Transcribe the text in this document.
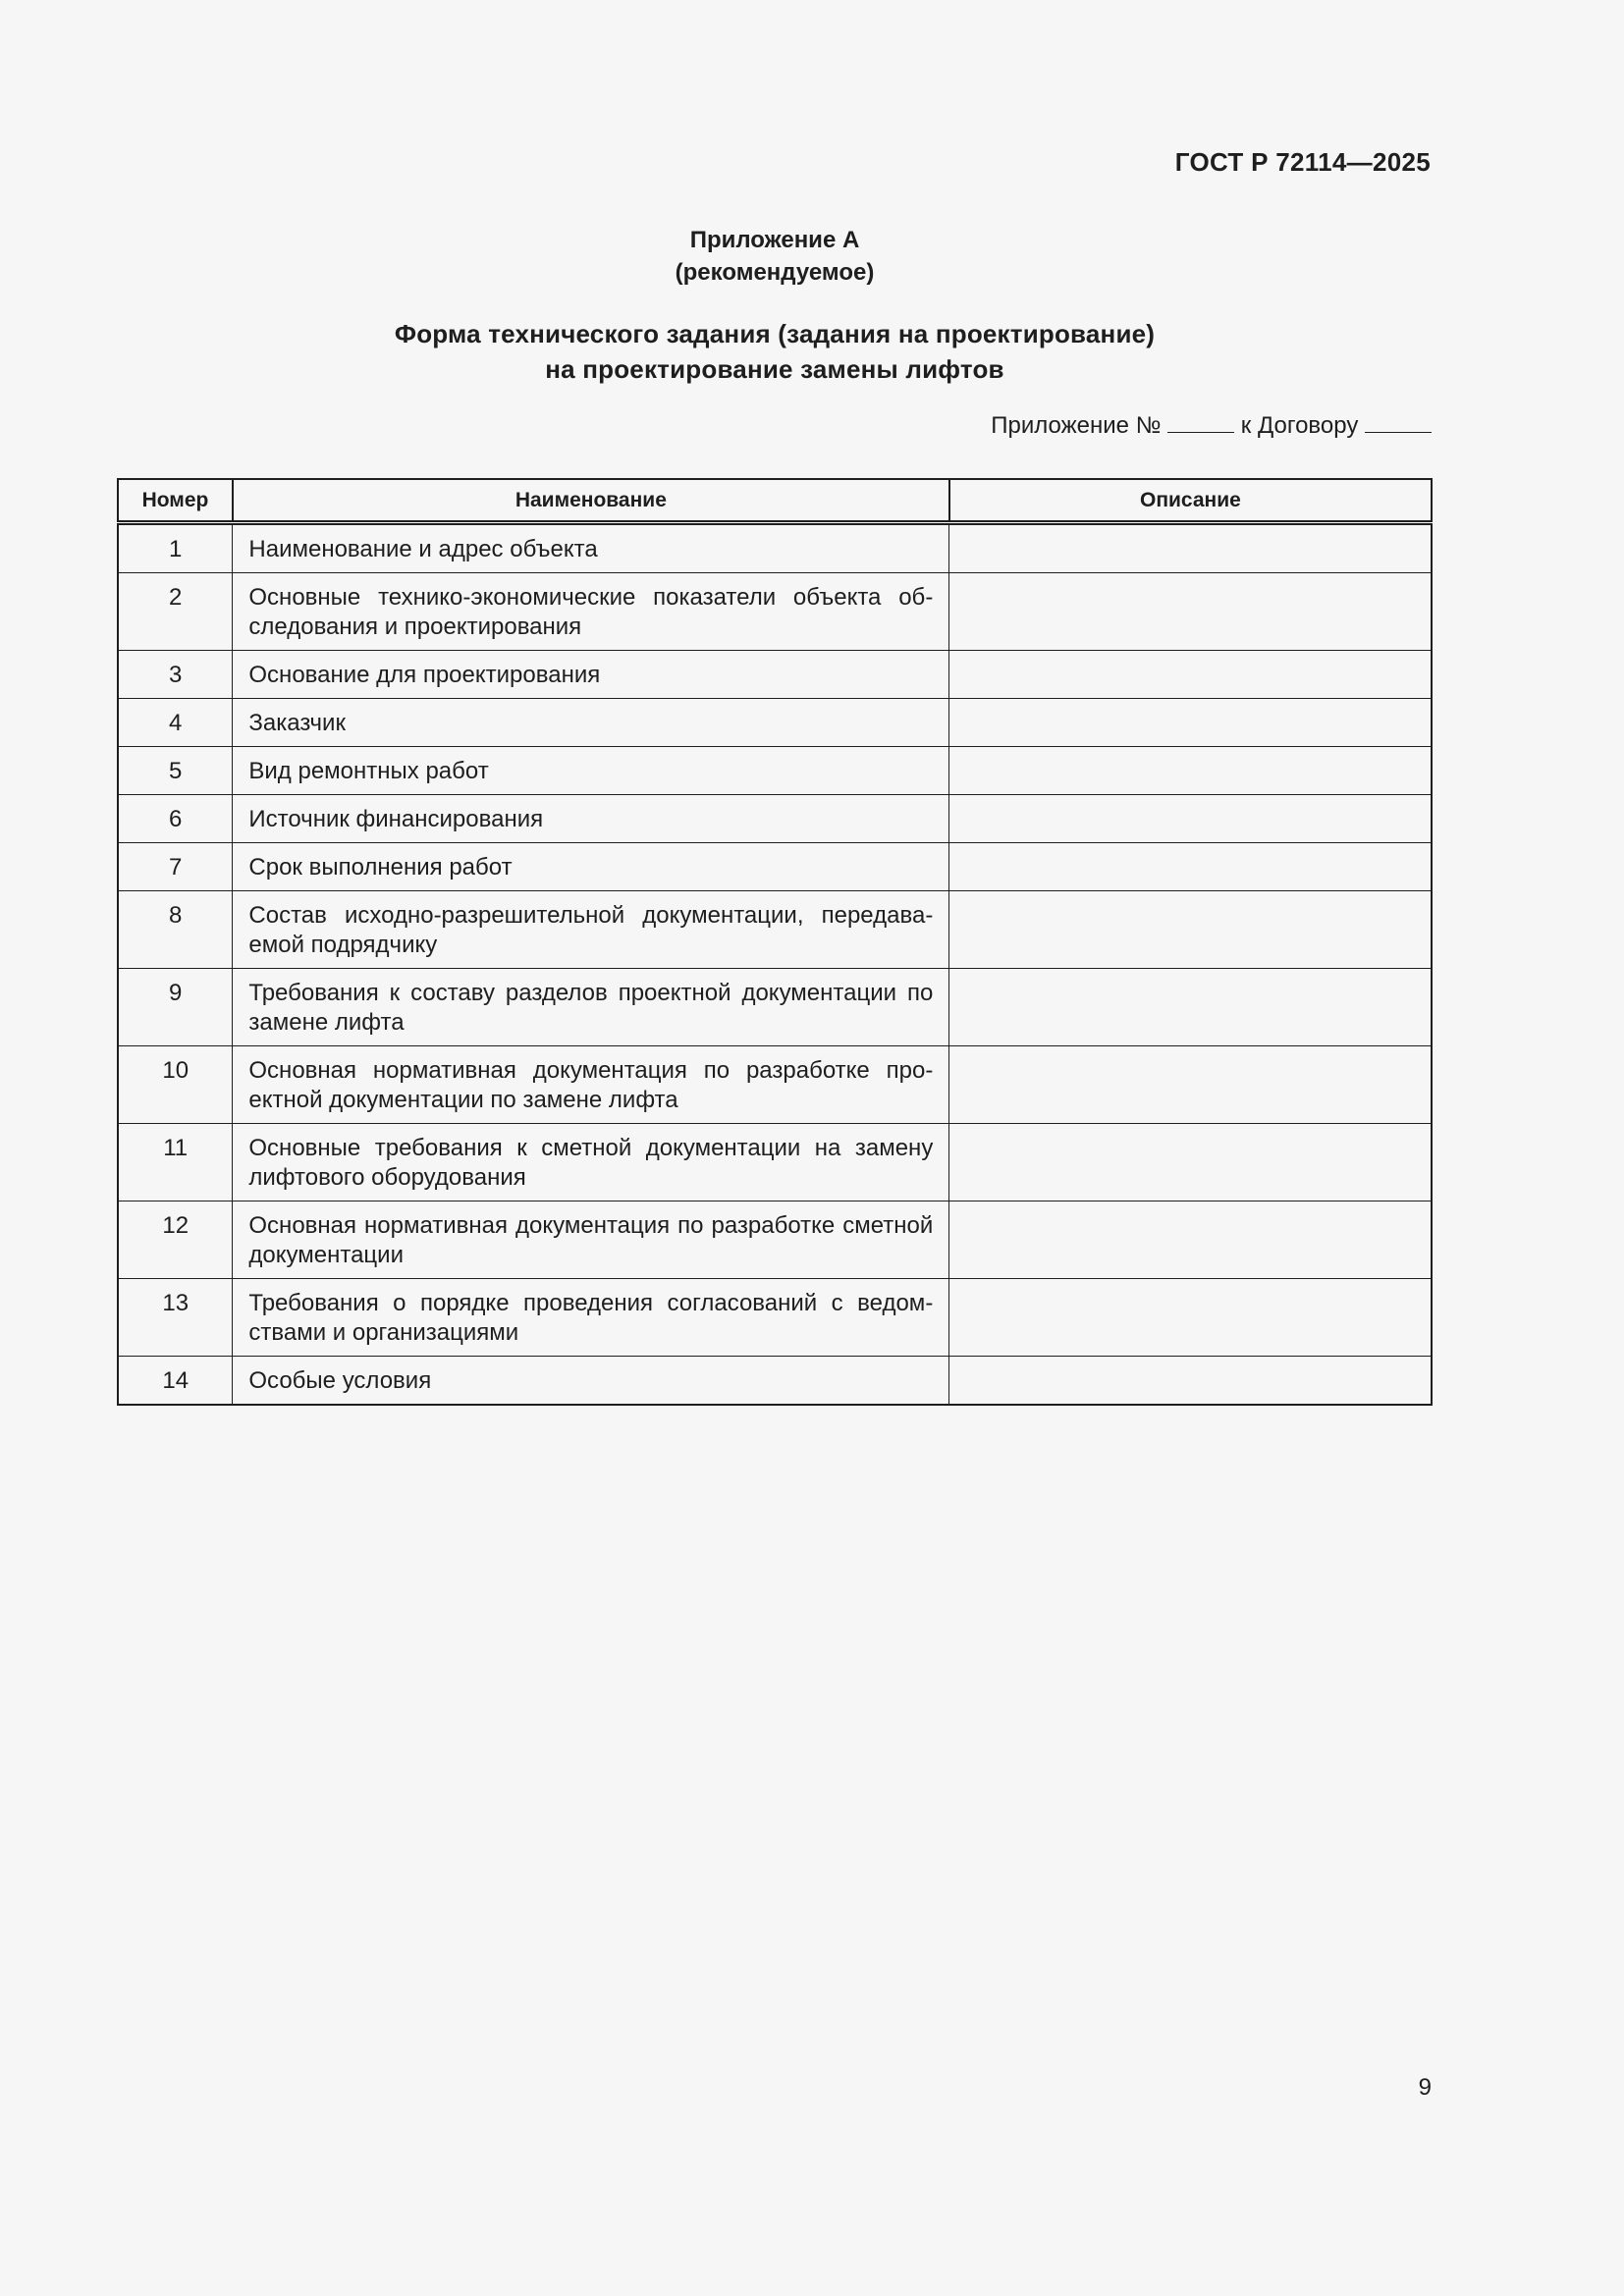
ГОСТ Р 72114—2025
Приложение А
(рекомендуемое)
Форма технического задания (задания на проектирование)
на проектирование замены лифтов
Приложение №	к Договору
Номер	Наименование	Описание
1	Наименование и адрес объекта	
2	Основные технико-экономические показатели объекта обследования и проектирования	
3	Основание для проектирования	
4	Заказчик	
5	Вид ремонтных работ	
6	Источник финансирования	
7	Срок выполнения работ	
8	Состав исходно-разрешительной документации, передаваемой подрядчику	
9	Требования к составу разделов проектной документации по замене лифта	
10	Основная нормативная документация по разработке проектной документации по замене лифта	
11	Основные требования к сметной документации на замену лифтового оборудования	
12	Основная нормативная документация по разработке сметной документации	
13	Требования о порядке проведения согласований с ведомствами и организациями	
14	Особые условия	
9
